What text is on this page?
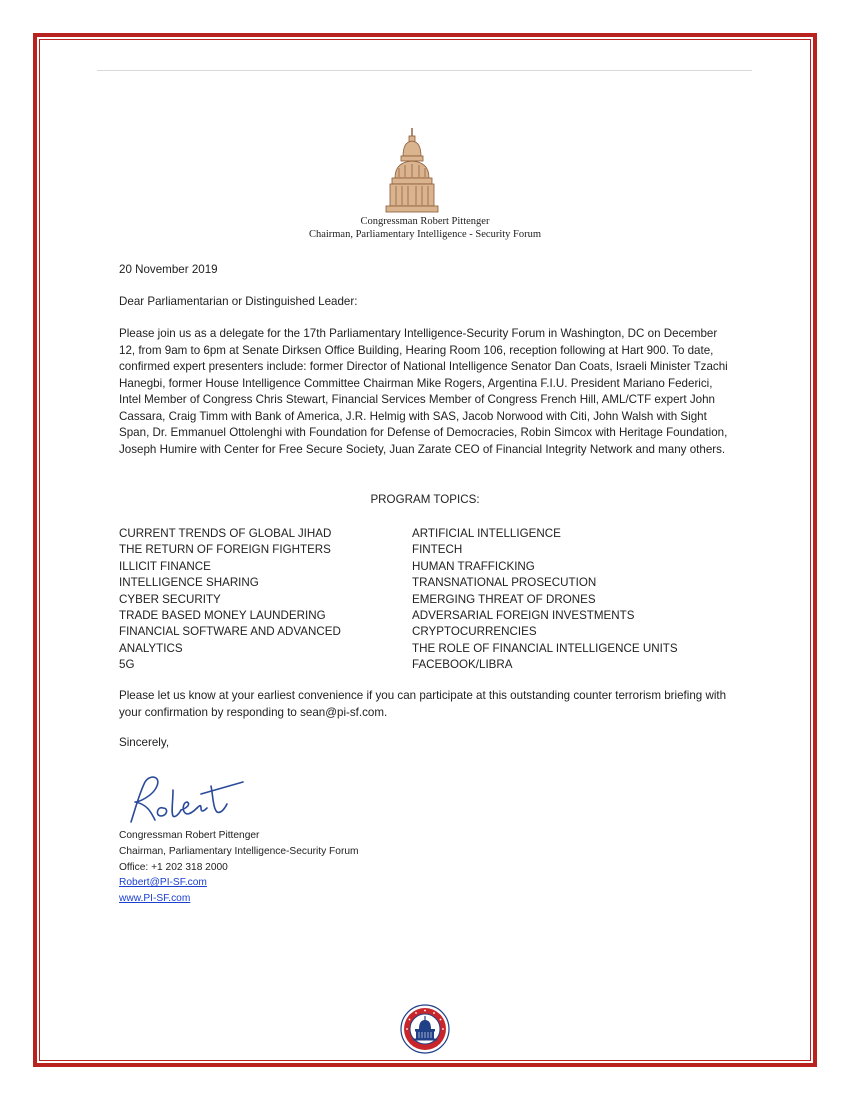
Congressman Robert Pittenger
Chairman, Parliamentary Intelligence - Security Forum
20 November 2019
Dear Parliamentarian or Distinguished Leader:
Please join us as a delegate for the 17th Parliamentary Intelligence-Security Forum in Washington, DC on December 12, from 9am to 6pm at Senate Dirksen Office Building, Hearing Room 106, reception following at Hart 900. To date, confirmed expert presenters include: former Director of National Intelligence Senator Dan Coats, Israeli Minister Tzachi Hanegbi, former House Intelligence Committee Chairman Mike Rogers, Argentina F.I.U. President Mariano Federici, Intel Member of Congress Chris Stewart, Financial Services Member of Congress French Hill, AML/CTF expert John Cassara, Craig Timm with Bank of America, J.R. Helmig with SAS, Jacob Norwood with Citi, John Walsh with Sight Span, Dr. Emmanuel Ottolenghi with Foundation for Defense of Democracies, Robin Simcox with Heritage Foundation, Joseph Humire with Center for Free Secure Society, Juan Zarate CEO of Financial Integrity Network and many others.
PROGRAM TOPICS:
CURRENT TRENDS OF GLOBAL JIHAD
THE RETURN OF FOREIGN FIGHTERS
ILLICIT FINANCE
INTELLIGENCE SHARING
CYBER SECURITY
TRADE BASED MONEY LAUNDERING
FINANCIAL SOFTWARE AND ADVANCED ANALYTICS
5G
ARTIFICIAL INTELLIGENCE
FINTECH
HUMAN TRAFFICKING
TRANSNATIONAL PROSECUTION
EMERGING THREAT OF DRONES
ADVERSARIAL FOREIGN INVESTMENTS
CRYPTOCURRENCIES
THE ROLE OF FINANCIAL INTELLIGENCE UNITS
FACEBOOK/LIBRA
Please let us know at your earliest convenience if you can participate at this outstanding counter terrorism briefing with your confirmation by responding to sean@pi-sf.com.
Sincerely,
Congressman Robert Pittenger
Chairman, Parliamentary Intelligence-Security Forum
Office: +1 202 318 2000
Robert@PI-SF.com
www.PI-SF.com
